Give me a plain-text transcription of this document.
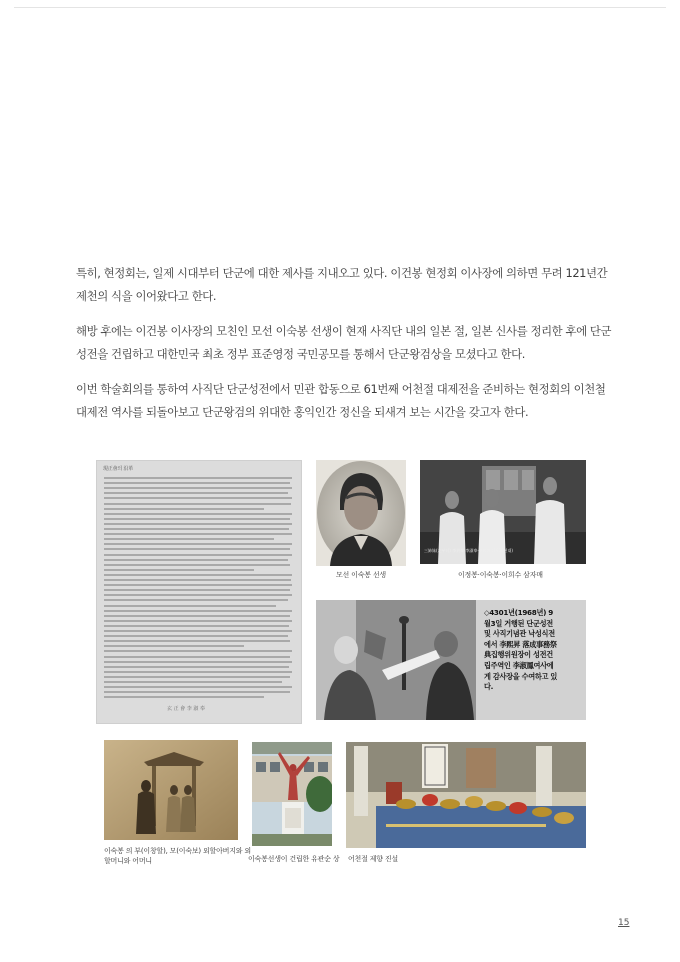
특히, 현정회는, 일제 시대부터 단군에 대한 제사를 지내오고 있다. 이건봉 현정회 이사장에 의하면 무려 121년간 제천의 식을 이어왔다고 한다.

해방 후에는 이건봉 이사장의 모친인 모선 이숙봉 선생이 현재 사직단 내의 일본 절, 일본 신사를 정리한 후에 단군성전을 건립하고 대한민국 최초 정부 표준영정 국민공모를 통해서 단군왕검상을 모셨다고 한다.

이번 학술회의를 통하여 사직단 단군성전에서 민관 합동으로 61번째 어천절 대제전을 준비하는 현정회의 이천철 대제전 역사를 되돌아보고 단군왕검의 위대한 홍익인간 정신을 되새겨 보는 시간을 갖고자 한다.

現正會의 沿革
玄 正 會 李 淑 奉
모선 이숙봉 선생
三姉妹(左부터) 李貞奉·李淑奉·李熙秀 (1930년대)
이정봉·이숙봉·이희수 삼자매
◇4301년(1968년) 9월3일 거행된 단군성전 및 사직기념관 낙성식전에서 李熙昇 落成事務祭典집행위원장이 성전건립주역인 李淑鳳여사에게 감사장을 수여하고 있다.
이숙봉 의 부(이창할), 모(이숙보) 외할아버지와 외할머니와 어머니	이숙봉선생이 건립한 유관순 상 어천절 제향 진설
15
